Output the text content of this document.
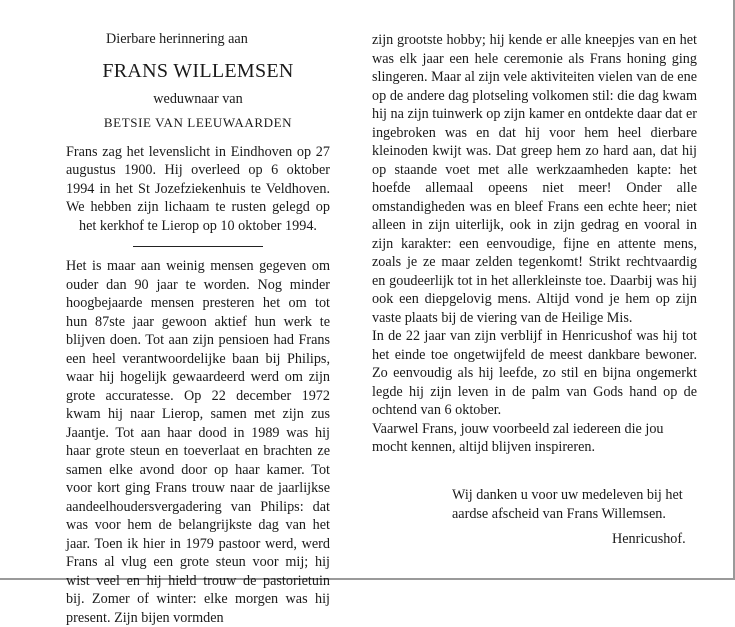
Dierbare herinnering aan
FRANS WILLEMSEN
weduwnaar van
BETSIE VAN LEEUWAARDEN
Frans zag het levenslicht in Eindhoven op 27 augustus 1900. Hij overleed op 6 oktober 1994 in het St Jozefziekenhuis te Veldhoven. We hebben zijn lichaam te rusten gelegd op het kerkhof te Lierop op 10 oktober 1994.

Het is maar aan weinig mensen gegeven om ouder dan 90 jaar te worden. Nog minder hoogbejaarde mensen presteren het om tot hun 87ste jaar gewoon aktief hun werk te blijven doen. Tot aan zijn pensioen had Frans een heel verantwoordelijke baan bij Philips, waar hij hogelijk gewaardeerd werd om zijn grote accuratesse. Op 22 december 1972 kwam hij naar Lierop, samen met zijn zus Jaantje. Tot aan haar dood in 1989 was hij haar grote steun en toeverlaat en brachten ze samen elke avond door op haar kamer. Tot voor kort ging Frans trouw naar de jaarlijkse aandeelhoudersvergadering van Philips: dat was voor hem de belangrijkste dag van het jaar. Toen ik hier in 1979 pastoor werd, werd Frans al vlug een grote steun voor mij; hij wist veel en hij hield trouw de pastorietuin bij. Zomer of winter: elke morgen was hij present. Zijn bijen vormden

zijn grootste hobby; hij kende er alle kneepjes van en het was elk jaar een hele ceremonie als Frans honing ging slingeren. Maar al zijn vele aktiviteiten vielen van de ene op de andere dag plotseling volkomen stil: die dag kwam hij na zijn tuinwerk op zijn kamer en ontdekte daar dat er ingebroken was en dat hij voor hem heel dierbare kleinoden kwijt was. Dat greep hem zo hard aan, dat hij op staande voet met alle werkzaamheden kapte: het hoefde allemaal opeens niet meer! Onder alle omstandigheden was en bleef Frans een echte heer; niet alleen in zijn uiterlijk, ook in zijn gedrag en vooral in zijn karakter: een eenvoudige, fijne en attente mens, zoals je ze maar zelden tegenkomt! Strikt rechtvaardig en goudeerlijk tot in het allerkleinste toe. Daarbij was hij ook een diepgelovig mens. Altijd vond je hem op zijn vaste plaats bij de viering van de Heilige Mis.

In de 22 jaar van zijn verblijf in Henricushof was hij tot het einde toe ongetwijfeld de meest dankbare bewoner. Zo eenvoudig als hij leefde, zo stil en bijna ongemerkt legde hij zijn leven in de palm van Gods hand op de ochtend van 6 oktober.

Vaarwel Frans, jouw voorbeeld zal iedereen die jou mocht kennen, altijd blijven inspireren.

Wij danken u voor uw medeleven bij het aardse afscheid van Frans Willemsen.
Henricushof.
